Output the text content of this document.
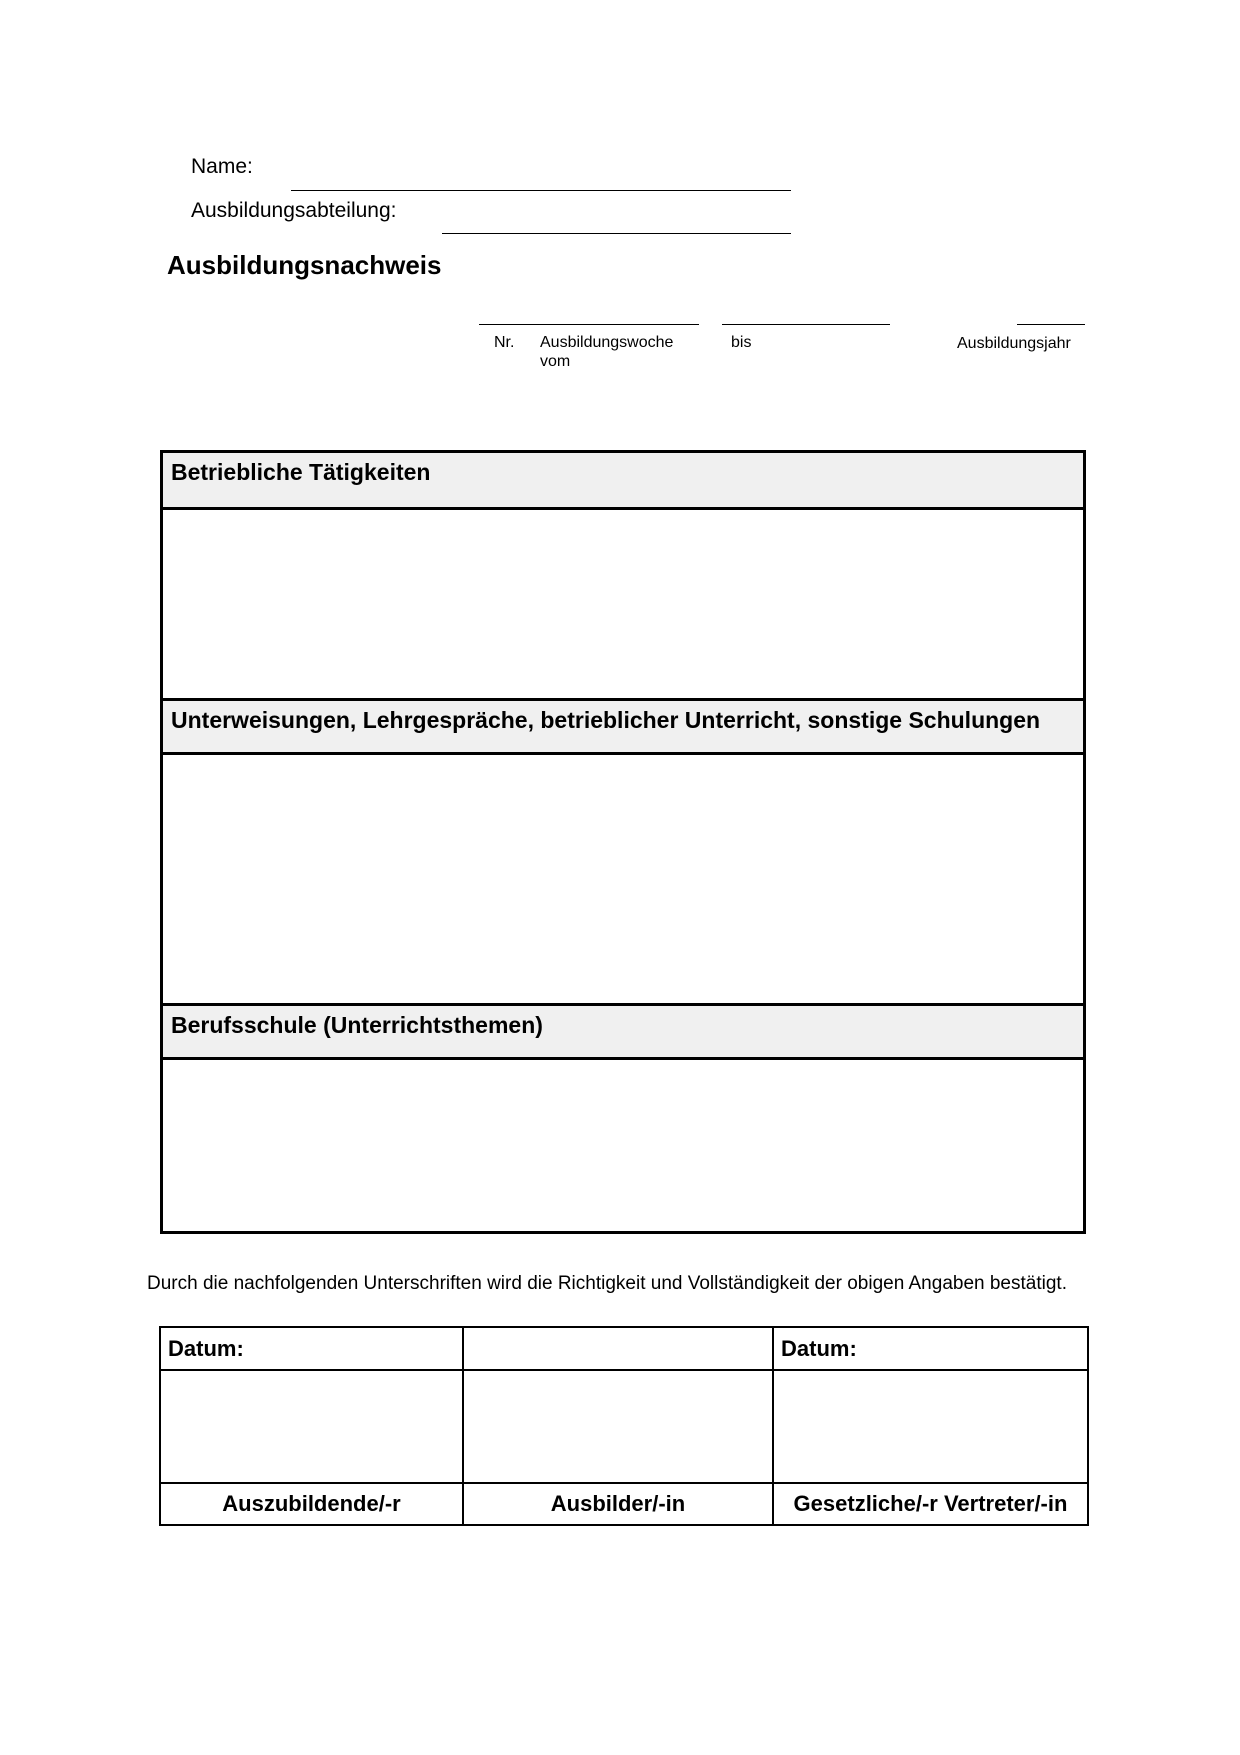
Name:
Ausbildungsabteilung:
Ausbildungsnachweis
Nr. Ausbildungswoche
vom
bis	Ausbildungsjahr
Betriebliche Tätigkeiten
Unterweisungen, Lehrgespräche, betrieblicher Unterricht, sonstige Schulungen
Berufsschule (Unterrichtsthemen)
Durch die nachfolgenden Unterschriften wird die Richtigkeit und Vollständigkeit der obigen Angaben bestätigt.
Datum:		Datum:

Auszubildende/-r	Ausbilder/-in	Gesetzliche/-r Vertreter/-in
